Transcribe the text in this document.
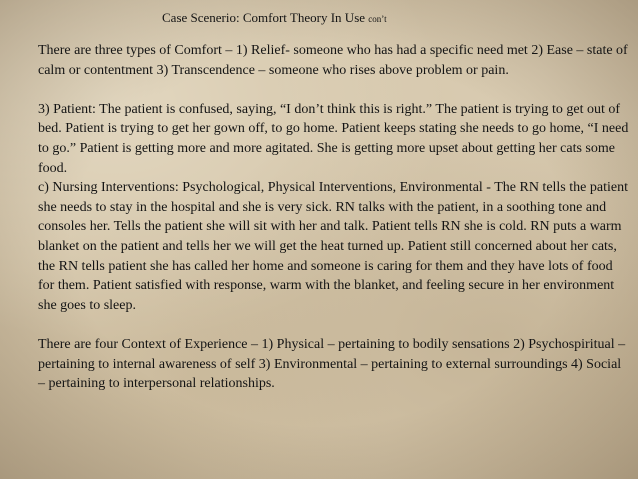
Case Scenerio: Comfort Theory In Use con’t

There are three types of Comfort – 1) Relief- someone who has had a specific need met 2) Ease – state of calm or contentment 3) Transcendence – someone who rises above problem or pain.

3) Patient: The patient is confused, saying, “I don’t think this is right.” The patient is trying to get out of bed. Patient is trying to get her gown off, to go home. Patient keeps stating she needs to go home, “I need to go.” Patient is getting more and more agitated. She is getting more upset about getting her cats some food.

c) Nursing Interventions: Psychological, Physical Interventions, Environmental - The RN tells the patient she needs to stay in the hospital and she is very sick. RN talks with the patient, in a soothing tone and consoles her. Tells the patient she will sit with her and talk. Patient tells RN she is cold. RN puts a warm blanket on the patient and tells her we will get the heat turned up. Patient still concerned about her cats, the RN tells patient she has called her home and someone is caring for them and they have lots of food for them. Patient satisfied with response, warm with the blanket, and feeling secure in her environment she goes to sleep.

There are four Context of Experience – 1) Physical – pertaining to bodily sensations 2) Psychospiritual – pertaining to internal awareness of self 3) Environmental – pertaining to external surroundings 4) Social – pertaining to interpersonal relationships.
